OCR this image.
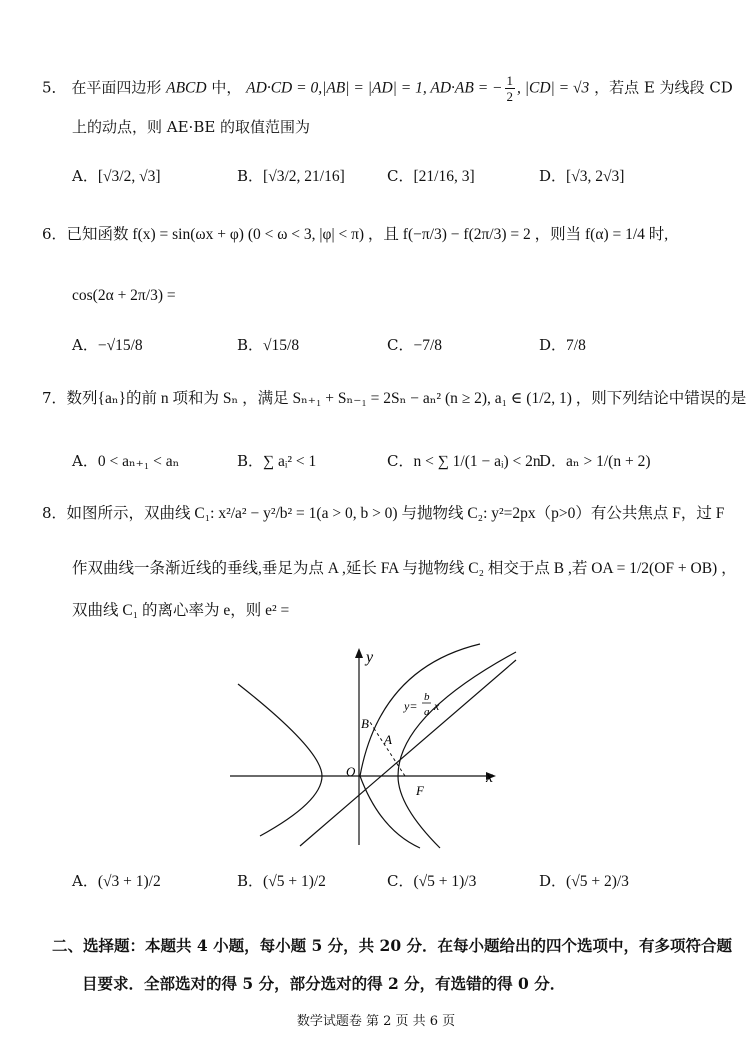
5． 在平面四边形 ABCD 中， AD·CD = 0,|AB| = |AD| = 1, AD·AB = − $\frac{1}{2}$ , |CD| = √3 ，若点 E 为线段 CD
上的动点，则 AE·BE 的取值范围为
A．[√3/2, √3]	B．[√3/2, 21/16]	C．[21/16, 3]	D．[√3, 2√3]
6．已知函数 f(x) = sin(ωx + φ) (0 < ω < 3, |φ| < π) ，且 f(−π/3) − f(2π/3) = 2 ，则当 f(α) = 1/4 时,
cos(2α + 2π/3) =
A．−√15/8	B．√15/8	C．−7/8	D．7/8
7．数列{aₙ}的前 n 项和为 Sₙ ，满足 Sₙ₊₁ + Sₙ₋₁ = 2Sₙ − aₙ² (n ≥ 2), a₁ ∈ (1/2, 1) ，则下列结论中错误的是
A．0 < aₙ₊₁ < aₙ	B．∑ aᵢ² < 1	C．n < ∑ 1/(1 − aᵢ) < 2n
D．aₙ > 1/(n + 2)
8．如图所示，双曲线 C₁: x²/a² − y²/b² = 1(a > 0, b > 0) 与抛物线 C₂: y²=2px（p>0）有公共焦点 F，过 F
作双曲线一条渐近线的垂线,垂足为点 A ,延长 FA 与抛物线 C₂ 相交于点 B ,若 OA = 1/2(OF + OB) ，
双曲线 C₁ 的离心率为 e，则 e² =
y
x
O
B
A
F
y=
b
a x
A．(√3 + 1)/2	B．(√5 + 1)/2	C．(√5 + 1)/3	D．(√5 + 2)/3
二、选择题：本题共 4 小题，每小题 5 分，共 20 分．在每小题给出的四个选项中，有多项符合题
目要求．全部选对的得 5 分，部分选对的得 2 分，有选错的得 0 分．
数学试题卷 第 2 页 共 6 页
